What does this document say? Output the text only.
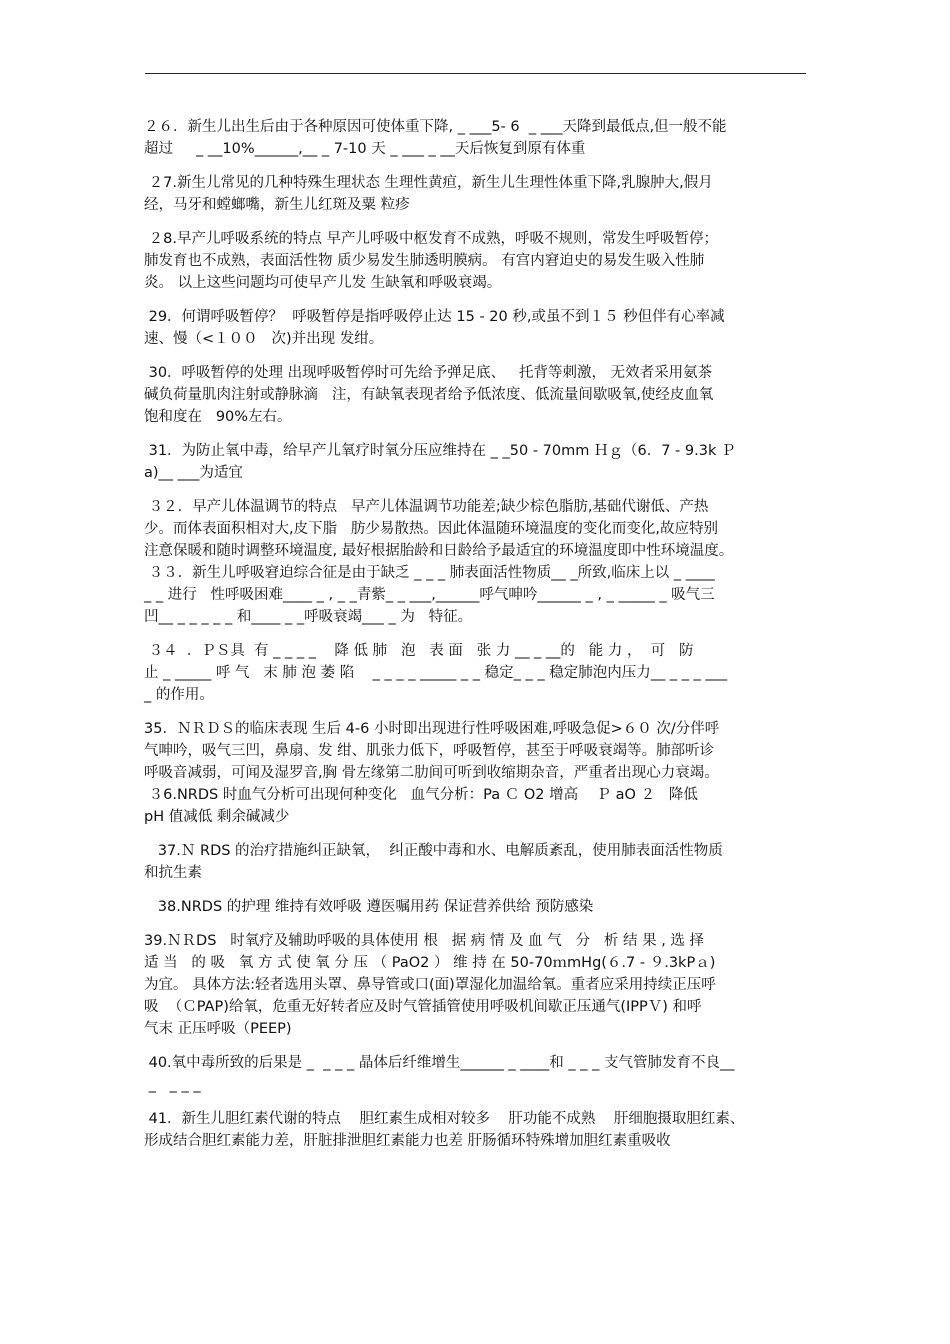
２６．新生儿出生后由于各种原因可使体重下降, _ ___5- 6  _ ___天降到最低点,但一般不能
超过     _ __10%______,__ _ 7-10 天 _ ___ _ __天后恢复到原有体重
２7.新生儿常见的几种特殊生理状态 生理性黄疸，新生儿生理性体重下降,乳腺肿大,假月
经，马牙和螳螂嘴，新生儿红斑及粟 粒疹
２8.早产儿呼吸系统的特点 早产儿呼吸中枢发育不成熟，呼吸不规则，常发生呼吸暂停；
肺发育也不成熟，表面活性物 质少易发生肺透明膜病。 有宫内窘迫史的易发生吸入性肺
炎。 以上这些问题均可使早产儿发 生缺氧和呼吸衰竭。
29．何谓呼吸暂停？  呼吸暂停是指呼吸停止达 15 - 20 秒,或虽不到１５ 秒但伴有心率减
速、慢（<１００   次)并出现 发绀。
30．呼吸暂停的处理 出现呼吸暂停时可先给予弹足底、   托背等刺激， 无效者采用氨茶
碱负荷量肌肉注射或静脉滴   注，有缺氧表现者给予低浓度、低流量间歇吸氧,使经皮血氧
饱和度在   90%左右。
31．为防止氧中毒，给早产儿氧疗时氧分压应维持在 _ _50 - 70mm Ｈｇ（6．7 - 9.3k Ｐ
a)__ ___为适宜
３２．早产儿体温调节的特点   早产儿体温调节功能差;缺少棕色脂肪,基础代谢低、产热
少。而体表面积相对大,皮下脂   肪少易散热。因此体温随环境温度的变化而变化,故应特别
注意保暖和随时调整环境温度, 最好根据胎龄和日龄给予最适宜的环境温度即中性环境温度。
３３．新生儿呼吸窘迫综合征是由于缺乏 _ _ _ 肺表面活性物质__ _所致,临床上以 _ ____
_ _ 进行   性呼吸困难____ _ , _ _青紫_ _ ___,______呼气呻吟______ _ , _ _____ _ 吸气三
凹__ _ _ _ _ _ 和____ _ _呼吸衰竭___ _ 为   特征。
３４  ．ＰＳ具  有 _ _ _ _    降 低 肺   泡   表 面   张 力 __ _ __的   能 力 ，  可   防
止 _ _____ 呼 气   末 肺 泡 萎 陷    _ _ _ _ _____ _ _ 稳定_ _ _ 稳定肺泡内压力__ _ _ _ ___
_ 的作用。
35．ＮＲＤＳ的临床表现 生后 4-6 小时即出现进行性呼吸困难,呼吸急促>６０ 次/分伴呼
气呻吟，吸气三凹，鼻扇、发 绀、肌张力低下，呼吸暂停，甚至于呼吸衰竭等。肺部听诊
呼吸音减弱，可闻及湿罗音,胸 骨左缘第二肋间可听到收缩期杂音，严重者出现心力衰竭。
３6.NRDS 时血气分析可出现何种变化   血气分析：Pa Ｃ O2 增高    Ｐ aO ２   降低
pH 值减低 剩余碱减少
37.Ｎ RDS 的治疗措施纠正缺氧，  纠正酸中毒和水、电解质紊乱，使用肺表面活性物质
和抗生素
38.NRDS 的护理 维持有效呼吸 遵医嘱用药 保证营养供给 预防感染
39.ＮＲDS   时氧疗及辅助呼吸的具体使用 根   据 病 情 及 血 气   分   析 结 果 , 选 择
适 当   的 吸   氧 方 式 使 氧 分 压 （ PaO2 ） 维 持 在 50-70ｍmHg(６.7 - ９.3kPａ)
为宜。 具体方法:轻者选用头罩、鼻导管或口(面)罩湿化加温给氧。重者应采用持续正压呼
吸  （ＣPAP)给氧，危重无好转者应及时气管插管使用呼吸机间歇正压通气(IPPＶ) 和呼
气末 正压呼吸（PEEP)
40.氧中毒所致的后果是 _  _ _ _ 晶体后纤维增生______ _ ____和 _ _ _ 支气管肺发育不良__
_   _ _ _
41．新生儿胆红素代谢的特点    胆红素生成相对较多    肝功能不成熟    肝细胞摄取胆红素、
形成结合胆红素能力差，肝脏排泄胆红素能力也差 肝肠循环特殊增加胆红素重吸收
